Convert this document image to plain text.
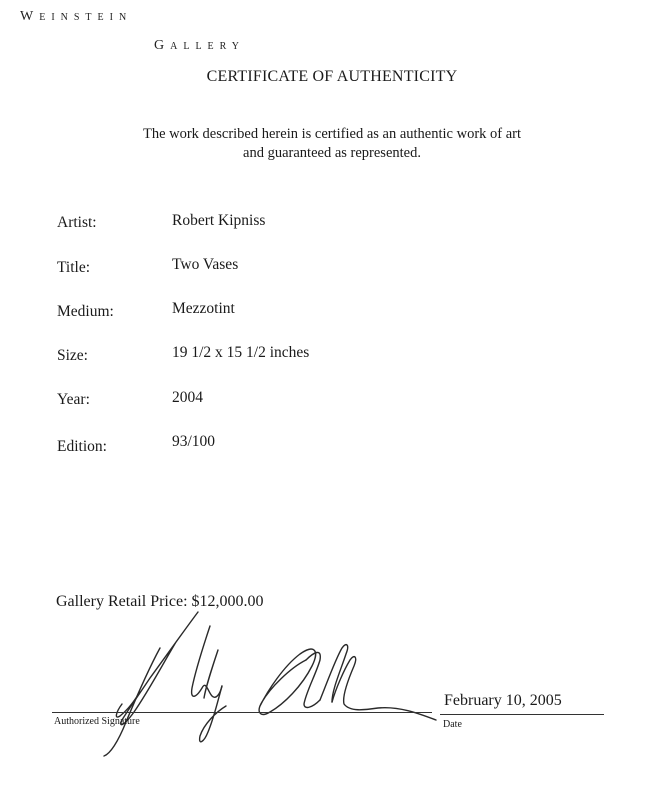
Weinstein
Gallery
CERTIFICATE OF AUTHENTICITY
The work described herein is certified as an authentic work of art
and guaranteed as represented.
Artist:	Robert Kipniss
Title:	Two Vases
Medium:	Mezzotint
Size:	19 1/2 x 15 1/2 inches
Year:	2004
Edition:	93/100
Gallery Retail Price: $12,000.00
Authorized Signature
February 10, 2005
Date
